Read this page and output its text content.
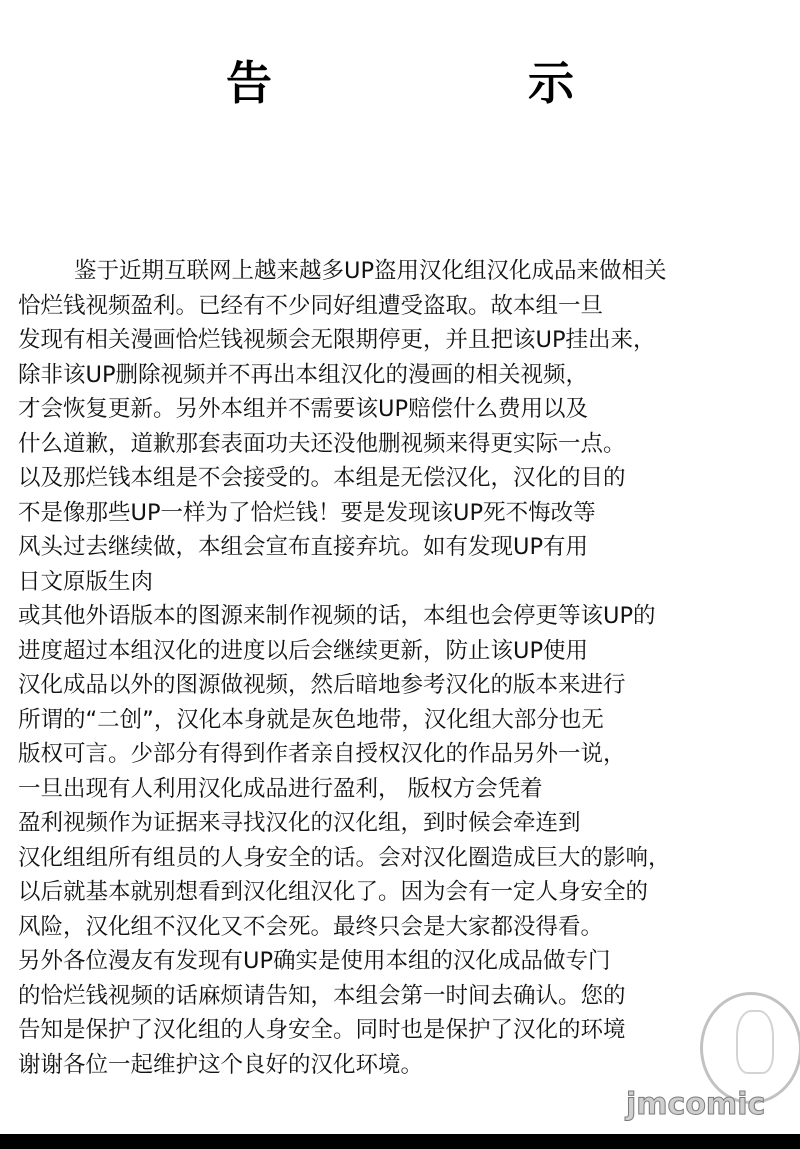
告 示
鉴于近期互联网上越来越多UP盗用汉化组汉化成品来做相关
恰烂钱视频盈利。已经有不少同好组遭受盗取。故本组一旦
发现有相关漫画恰烂钱视频会无限期停更，并且把该UP挂出来，
除非该UP删除视频并不再出本组汉化的漫画的相关视频，
才会恢复更新。另外本组并不需要该UP赔偿什么费用以及
什么道歉，道歉那套表面功夫还没他删视频来得更实际一点。
以及那烂钱本组是不会接受的。本组是无偿汉化，汉化的目的
不是像那些UP一样为了恰烂钱！要是发现该UP死不悔改等
风头过去继续做，本组会宣布直接弃坑。如有发现UP有用
日文原版生肉
或其他外语版本的图源来制作视频的话，本组也会停更等该UP的
进度超过本组汉化的进度以后会继续更新，防止该UP使用
汉化成品以外的图源做视频，然后暗地参考汉化的版本来进行
所谓的“二创”，汉化本身就是灰色地带，汉化组大部分也无
版权可言。少部分有得到作者亲自授权汉化的作品另外一说，
一旦出现有人利用汉化成品进行盈利， 版权方会凭着
盈利视频作为证据来寻找汉化的汉化组，到时候会牵连到
汉化组组所有组员的人身安全的话。会对汉化圈造成巨大的影响，
以后就基本就别想看到汉化组汉化了。因为会有一定人身安全的
风险，汉化组不汉化又不会死。最终只会是大家都没得看。
另外各位漫友有发现有UP确实是使用本组的汉化成品做专门
的恰烂钱视频的话麻烦请告知，本组会第一时间去确认。您的
告知是保护了汉化组的人身安全。同时也是保护了汉化的环境
谢谢各位一起维护这个良好的汉化环境。
jmcomic
